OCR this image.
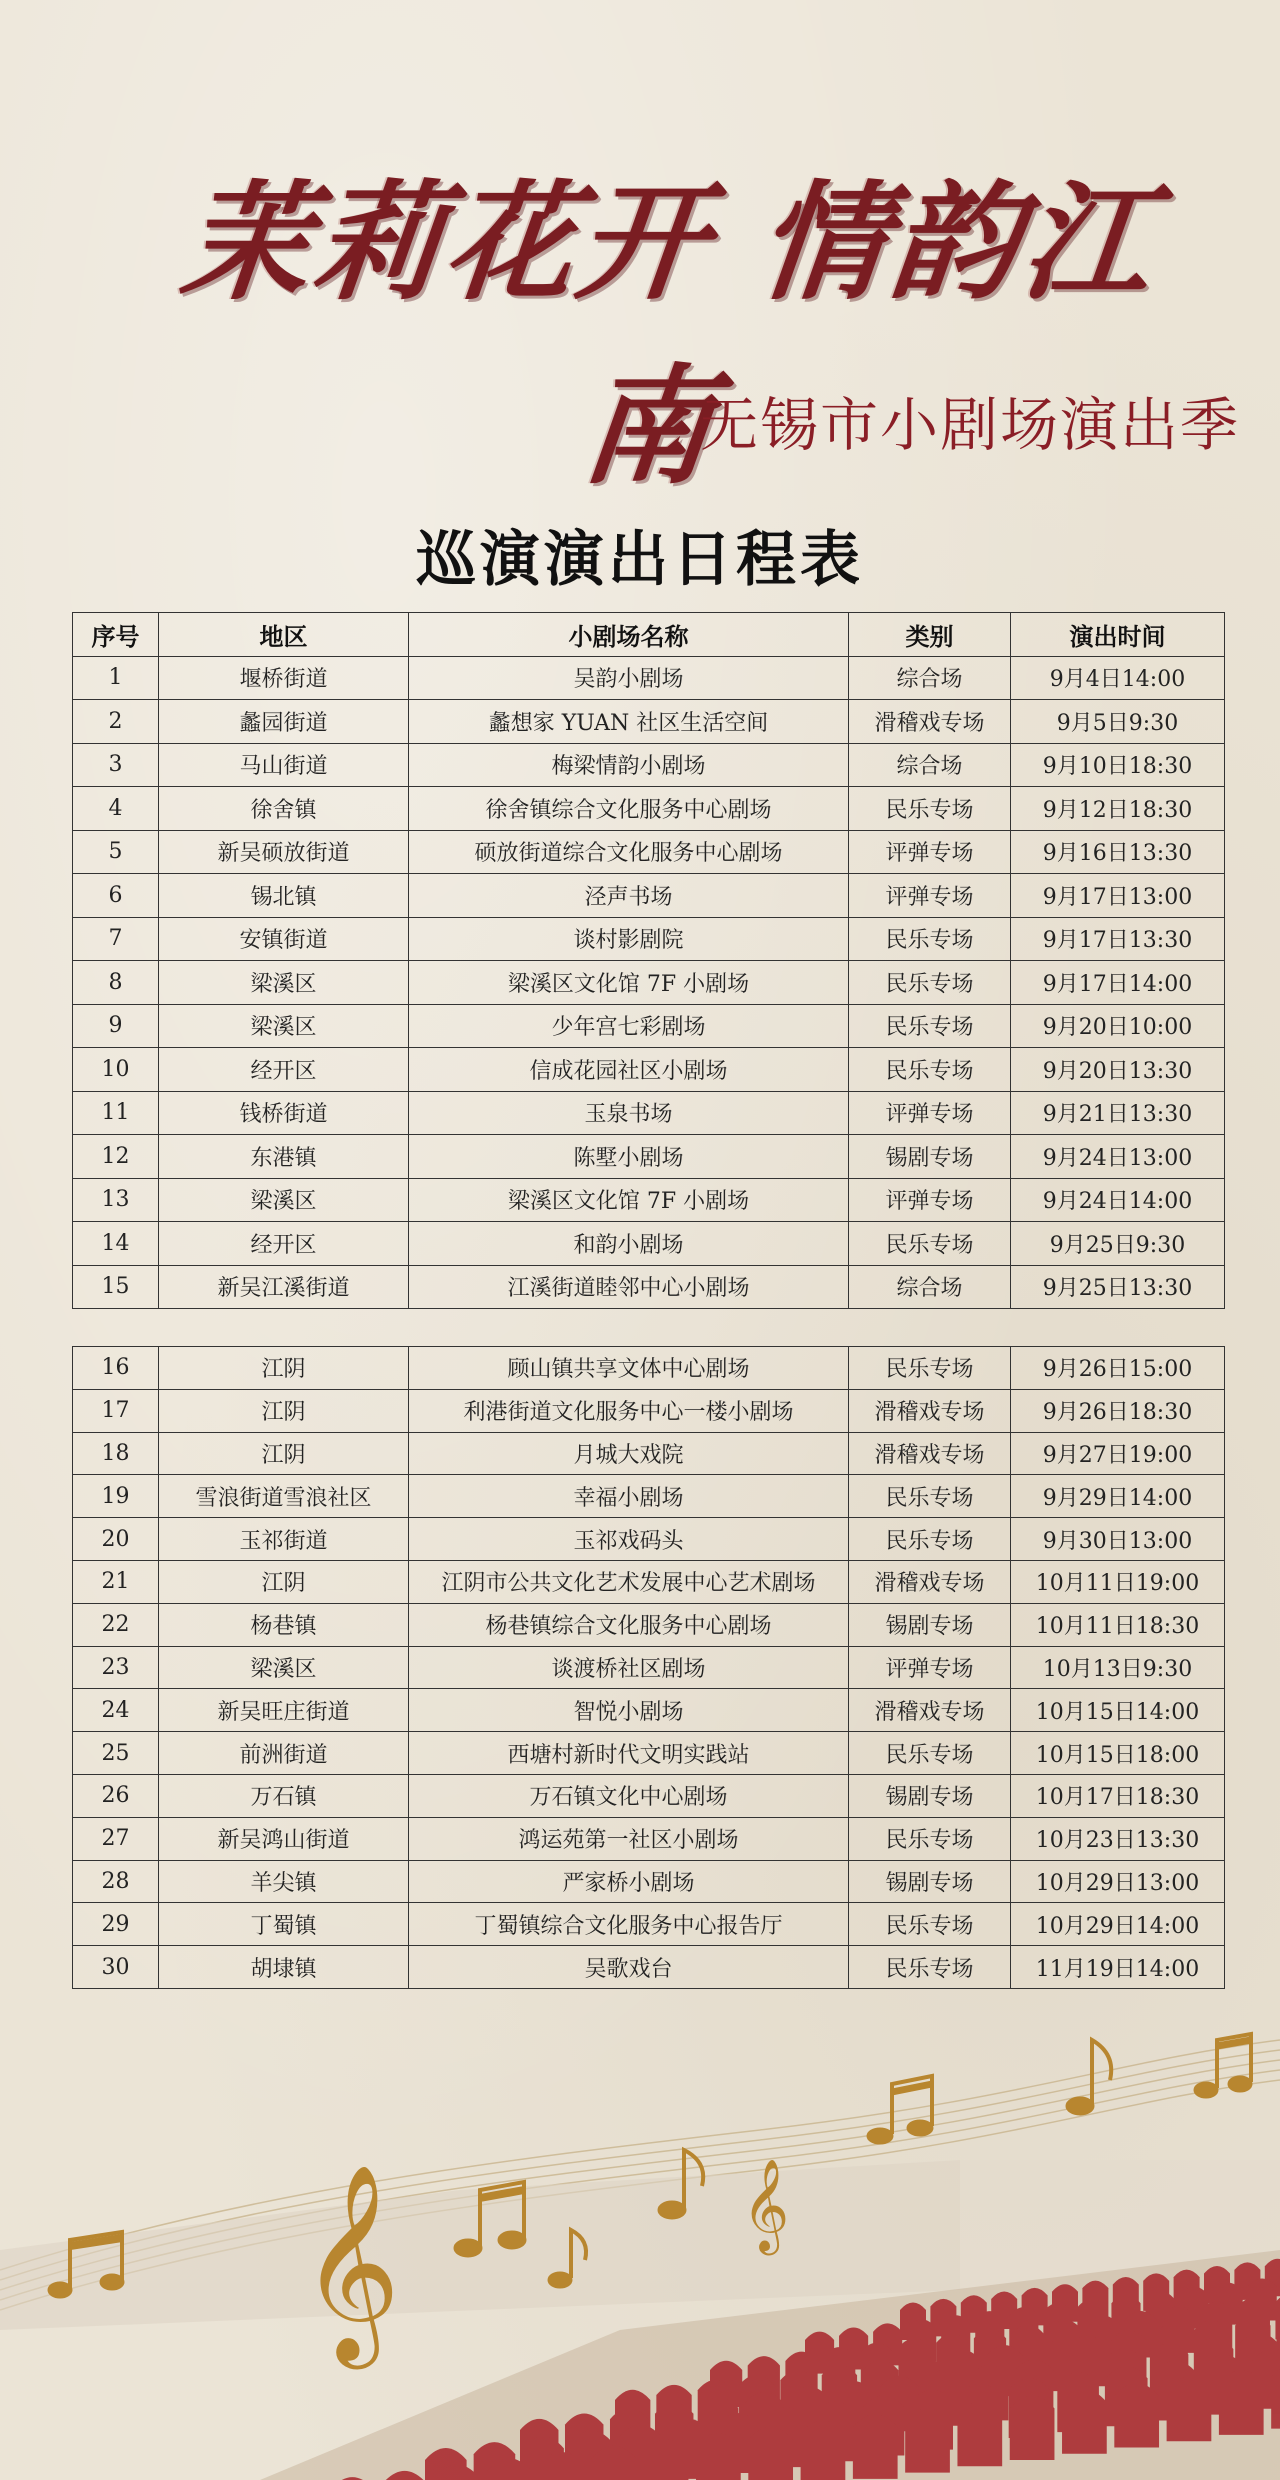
茉莉花开 情韵江南
无锡市小剧场演出季
巡演演出日程表
序号	地区	小剧场名称	类别	演出时间
1	堰桥街道	吴韵小剧场	综合场	9月4日14:00
2	蠡园街道	蠡想家 YUAN 社区生活空间	滑稽戏专场	9月5日9:30
3	马山街道	梅梁情韵小剧场	综合场	9月10日18:30
4	徐舍镇	徐舍镇综合文化服务中心剧场	民乐专场	9月12日18:30
5	新吴硕放街道	硕放街道综合文化服务中心剧场	评弹专场	9月16日13:30
6	锡北镇	泾声书场	评弹专场	9月17日13:00
7	安镇街道	谈村影剧院	民乐专场	9月17日13:30
8	梁溪区	梁溪区文化馆 7F 小剧场	民乐专场	9月17日14:00
9	梁溪区	少年宫七彩剧场	民乐专场	9月20日10:00
10	经开区	信成花园社区小剧场	民乐专场	9月20日13:30
11	钱桥街道	玉泉书场	评弹专场	9月21日13:30
12	东港镇	陈墅小剧场	锡剧专场	9月24日13:00
13	梁溪区	梁溪区文化馆 7F 小剧场	评弹专场	9月24日14:00
14	经开区	和韵小剧场	民乐专场	9月25日9:30
15	新吴江溪街道	江溪街道睦邻中心小剧场	综合场	9月25日13:30
16	江阴	顾山镇共享文体中心剧场	民乐专场	9月26日15:00
17	江阴	利港街道文化服务中心一楼小剧场	滑稽戏专场	9月26日18:30
18	江阴	月城大戏院	滑稽戏专场	9月27日19:00
19	雪浪街道雪浪社区	幸福小剧场	民乐专场	9月29日14:00
20	玉祁街道	玉祁戏码头	民乐专场	9月30日13:00
21	江阴	江阴市公共文化艺术发展中心艺术剧场	滑稽戏专场	10月11日19:00
22	杨巷镇	杨巷镇综合文化服务中心剧场	锡剧专场	10月11日18:30
23	梁溪区	谈渡桥社区剧场	评弹专场	10月13日9:30
24	新吴旺庄街道	智悦小剧场	滑稽戏专场	10月15日14:00
25	前洲街道	西塘村新时代文明实践站	民乐专场	10月15日18:00
26	万石镇	万石镇文化中心剧场	锡剧专场	10月17日18:30
27	新吴鸿山街道	鸿运苑第一社区小剧场	民乐专场	10月23日13:30
28	羊尖镇	严家桥小剧场	锡剧专场	10月29日13:00
29	丁蜀镇	丁蜀镇综合文化服务中心报告厅	民乐专场	10月29日14:00
30	胡埭镇	吴歌戏台	民乐专场	11月19日14:00
𝄞	𝄞
